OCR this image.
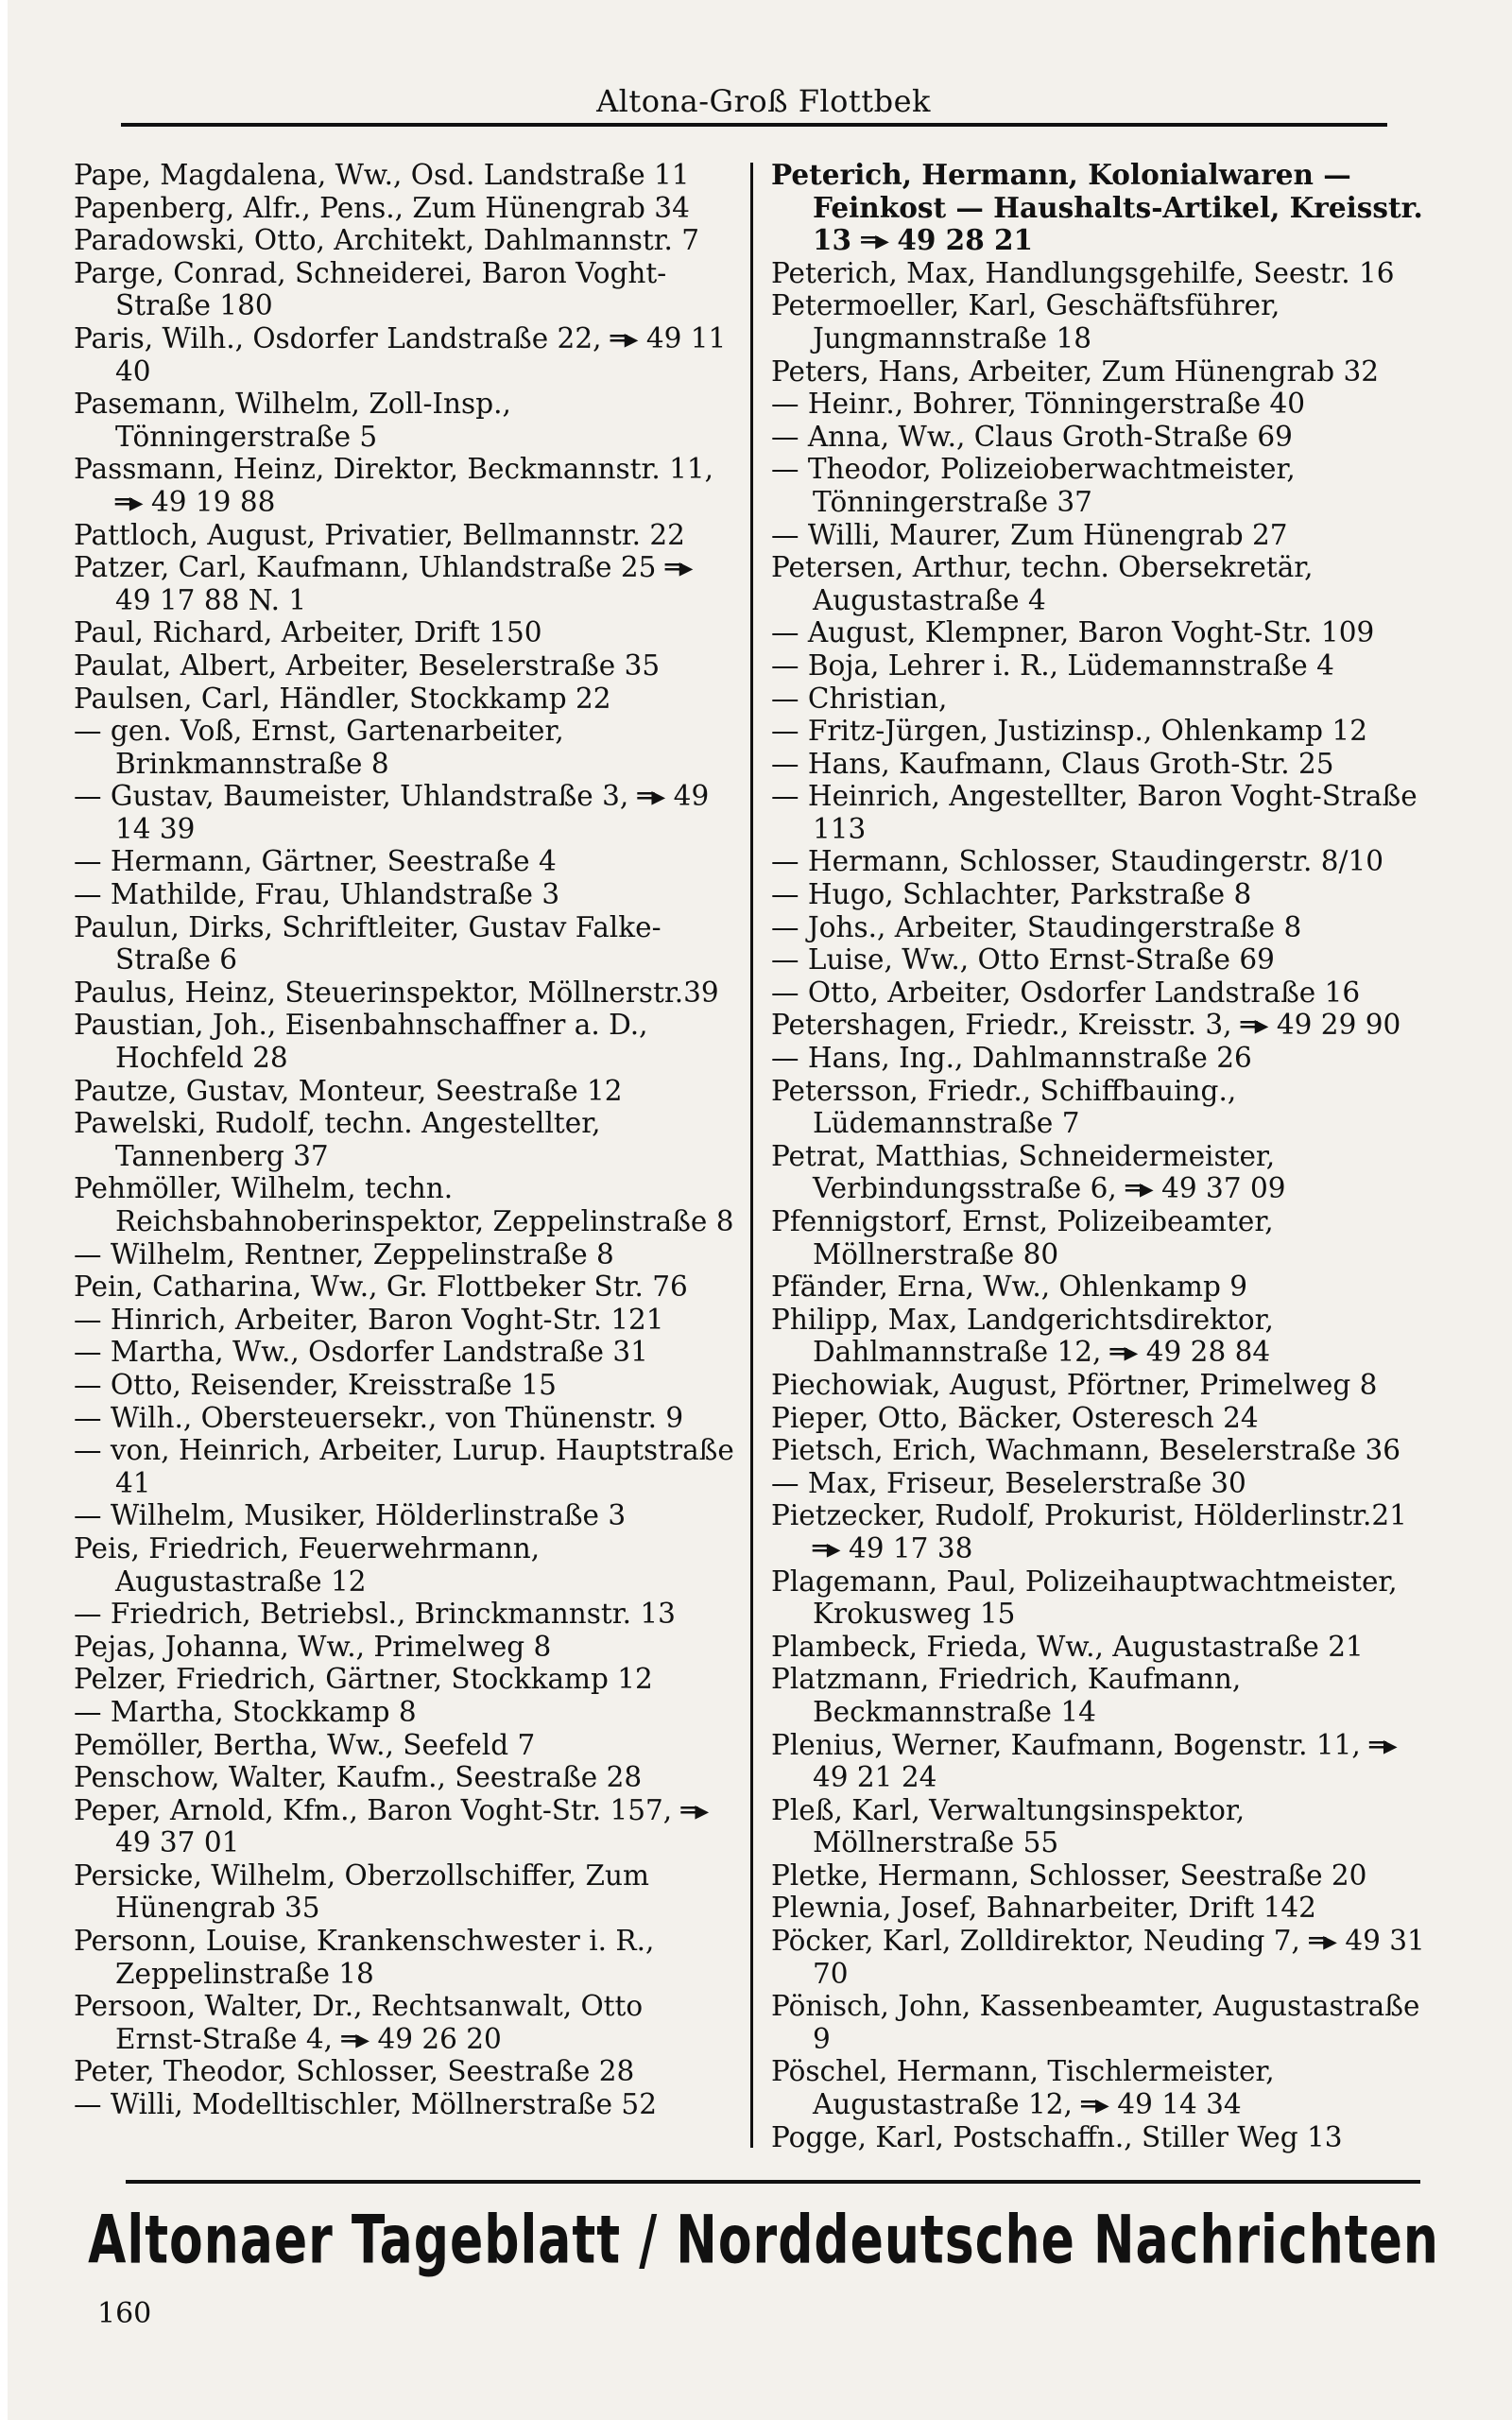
Altona-Groß Flottbek

Pape, Magdalena, Ww., Osd. Landstraße 11

Papenberg, Alfr., Pens., Zum Hünengrab 34

Paradowski, Otto, Architekt, Dahlmannstr. 7

Parge, Conrad, Schneiderei, Baron Voght-Straße 180

Paris, Wilh., Osdorfer Landstraße 22, ═▸ 49 11 40

Pasemann, Wilhelm, Zoll-Insp., Tönningerstraße 5

Passmann, Heinz, Direktor, Beckmannstr. 11, ═▸ 49 19 88

Pattloch, August, Privatier, Bellmannstr. 22

Patzer, Carl, Kaufmann, Uhlandstraße 25 ═▸49 17 88 N. 1

Paul, Richard, Arbeiter, Drift 150

Paulat, Albert, Arbeiter, Beselerstraße 35

Paulsen, Carl, Händler, Stockkamp 22

— gen. Voß, Ernst, Gartenarbeiter, Brinkmannstraße 8

— Gustav, Baumeister, Uhlandstraße 3, ═▸ 49 14 39

— Hermann, Gärtner, Seestraße 4

— Mathilde, Frau, Uhlandstraße 3

Paulun, Dirks, Schriftleiter, Gustav Falke-Straße 6

Paulus, Heinz, Steuerinspektor, Möllnerstr.39

Paustian, Joh., Eisenbahnschaffner a. D., Hochfeld 28

Pautze, Gustav, Monteur, Seestraße 12

Pawelski, Rudolf, techn. Angestellter, Tannenberg 37

Pehmöller, Wilhelm, techn. Reichsbahnoberinspektor, Zeppelinstraße 8

— Wilhelm, Rentner, Zeppelinstraße 8

Pein, Catharina, Ww., Gr. Flottbeker Str. 76

— Hinrich, Arbeiter, Baron Voght-Str. 121

— Martha, Ww., Osdorfer Landstraße 31

— Otto, Reisender, Kreisstraße 15

— Wilh., Obersteuersekr., von Thünenstr. 9

— von, Heinrich, Arbeiter, Lurup. Hauptstraße 41

— Wilhelm, Musiker, Hölderlinstraße 3

Peis, Friedrich, Feuerwehrmann, Augustastraße 12

— Friedrich, Betriebsl., Brinckmannstr. 13

Pejas, Johanna, Ww., Primelweg 8

Pelzer, Friedrich, Gärtner, Stockkamp 12

— Martha, Stockkamp 8

Pemöller, Bertha, Ww., Seefeld 7

Penschow, Walter, Kaufm., Seestraße 28

Peper, Arnold, Kfm., Baron Voght-Str. 157, ═▸49 37 01

Persicke, Wilhelm, Oberzollschiffer, Zum Hünengrab 35

Personn, Louise, Krankenschwester i. R., Zeppelinstraße 18

Persoon, Walter, Dr., Rechtsanwalt, Otto Ernst-Straße 4, ═▸ 49 26 20

Peter, Theodor, Schlosser, Seestraße 28

— Willi, Modelltischler, Möllnerstraße 52

Peterich, Hermann, Kolonialwaren — Feinkost — Haushalts-Artikel, Kreisstr. 13 ═▸ 49 28 21

Peterich, Max, Handlungsgehilfe, Seestr. 16

Petermoeller, Karl, Geschäftsführer, Jungmannstraße 18

Peters, Hans, Arbeiter, Zum Hünengrab 32

— Heinr., Bohrer, Tönningerstraße 40

— Anna, Ww., Claus Groth-Straße 69

— Theodor, Polizeioberwachtmeister, Tönningerstraße 37

— Willi, Maurer, Zum Hünengrab 27

Petersen, Arthur, techn. Obersekretär, Augustastraße 4

— August, Klempner, Baron Voght-Str. 109

— Boja, Lehrer i. R., Lüdemannstraße 4

— Christian,

— Fritz-Jürgen, Justizinsp., Ohlenkamp 12

— Hans, Kaufmann, Claus Groth-Str. 25

— Heinrich, Angestellter, Baron Voght-Straße 113

— Hermann, Schlosser, Staudingerstr. 8/10

— Hugo, Schlachter, Parkstraße 8

— Johs., Arbeiter, Staudingerstraße 8

— Luise, Ww., Otto Ernst-Straße 69

— Otto, Arbeiter, Osdorfer Landstraße 16

Petershagen, Friedr., Kreisstr. 3, ═▸ 49 29 90

— Hans, Ing., Dahlmannstraße 26

Petersson, Friedr., Schiffbauing., Lüdemannstraße 7

Petrat, Matthias, Schneidermeister, Verbindungsstraße 6, ═▸ 49 37 09

Pfennigstorf, Ernst, Polizeibeamter, Möllnerstraße 80

Pfänder, Erna, Ww., Ohlenkamp 9

Philipp, Max, Landgerichtsdirektor, Dahlmannstraße 12, ═▸ 49 28 84

Piechowiak, August, Pförtner, Primelweg 8

Pieper, Otto, Bäcker, Osteresch 24

Pietsch, Erich, Wachmann, Beselerstraße 36

— Max, Friseur, Beselerstraße 30

Pietzecker, Rudolf, Prokurist, Hölderlinstr.21 ═▸ 49 17 38

Plagemann, Paul, Polizeihauptwachtmeister, Krokusweg 15

Plambeck, Frieda, Ww., Augustastraße 21

Platzmann, Friedrich, Kaufmann, Beckmannstraße 14

Plenius, Werner, Kaufmann, Bogenstr. 11, ═▸49 21 24

Pleß, Karl, Verwaltungsinspektor, Möllnerstraße 55

Pletke, Hermann, Schlosser, Seestraße 20

Plewnia, Josef, Bahnarbeiter, Drift 142

Pöcker, Karl, Zolldirektor, Neuding 7, ═▸ 49 31 70

Pönisch, John, Kassenbeamter, Augustastraße 9

Pöschel, Hermann, Tischlermeister, Augustastraße 12, ═▸ 49 14 34

Pogge, Karl, Postschaffn., Stiller Weg 13

Altonaer Tageblatt / Norddeutsche Nachrichten
160
